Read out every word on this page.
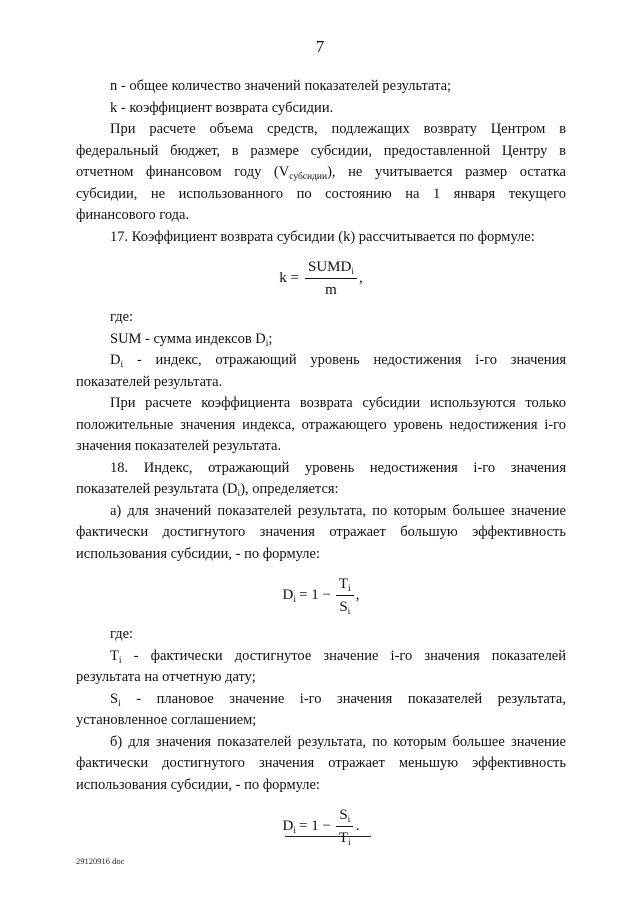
7

n - общее количество значений показателей результата;

k - коэффициент возврата субсидии.

При расчете объема средств, подлежащих возврату Центром в федеральный бюджет, в размере субсидии, предоставленной Центру в отчетном финансовом году $(V_{субсидии})$, не учитывается размер остатка субсидии, не использованного по состоянию на 1 января текущего финансового года.

17. Коэффициент возврата субсидии (k) рассчитывается по формуле:

$k = \frac{SUMD_i}{m}$ ,

где:

SUM - сумма индексов $D_i$;

$D_i$ - индекс, отражающий уровень недостижения i-го значения показателей результата.

При расчете коэффициента возврата субсидии используются только положительные значения индекса, отражающего уровень недостижения i-го значения показателей результата.

18. Индекс, отражающий уровень недостижения i-го значения показателей результата $(D_i)$, определяется:

а) для значений показателей результата, по которым большее значение фактически достигнутого значения отражает большую эффективность использования субсидии, - по формуле:

$D_i = 1 - \frac{T_i}{S_i}$ ,

где:

$T_i$ - фактически достигнутое значение i-го значения показателей результата на отчетную дату;

$S_i$ - плановое значение i-го значения показателей результата, установленное соглашением;

б) для значения показателей результата, по которым большее значение фактически достигнутого значения отражает меньшую эффективность использования субсидии, - по формуле:

$D_i = 1 - \frac{S_i}{T_i}$ .
29120916 doc
